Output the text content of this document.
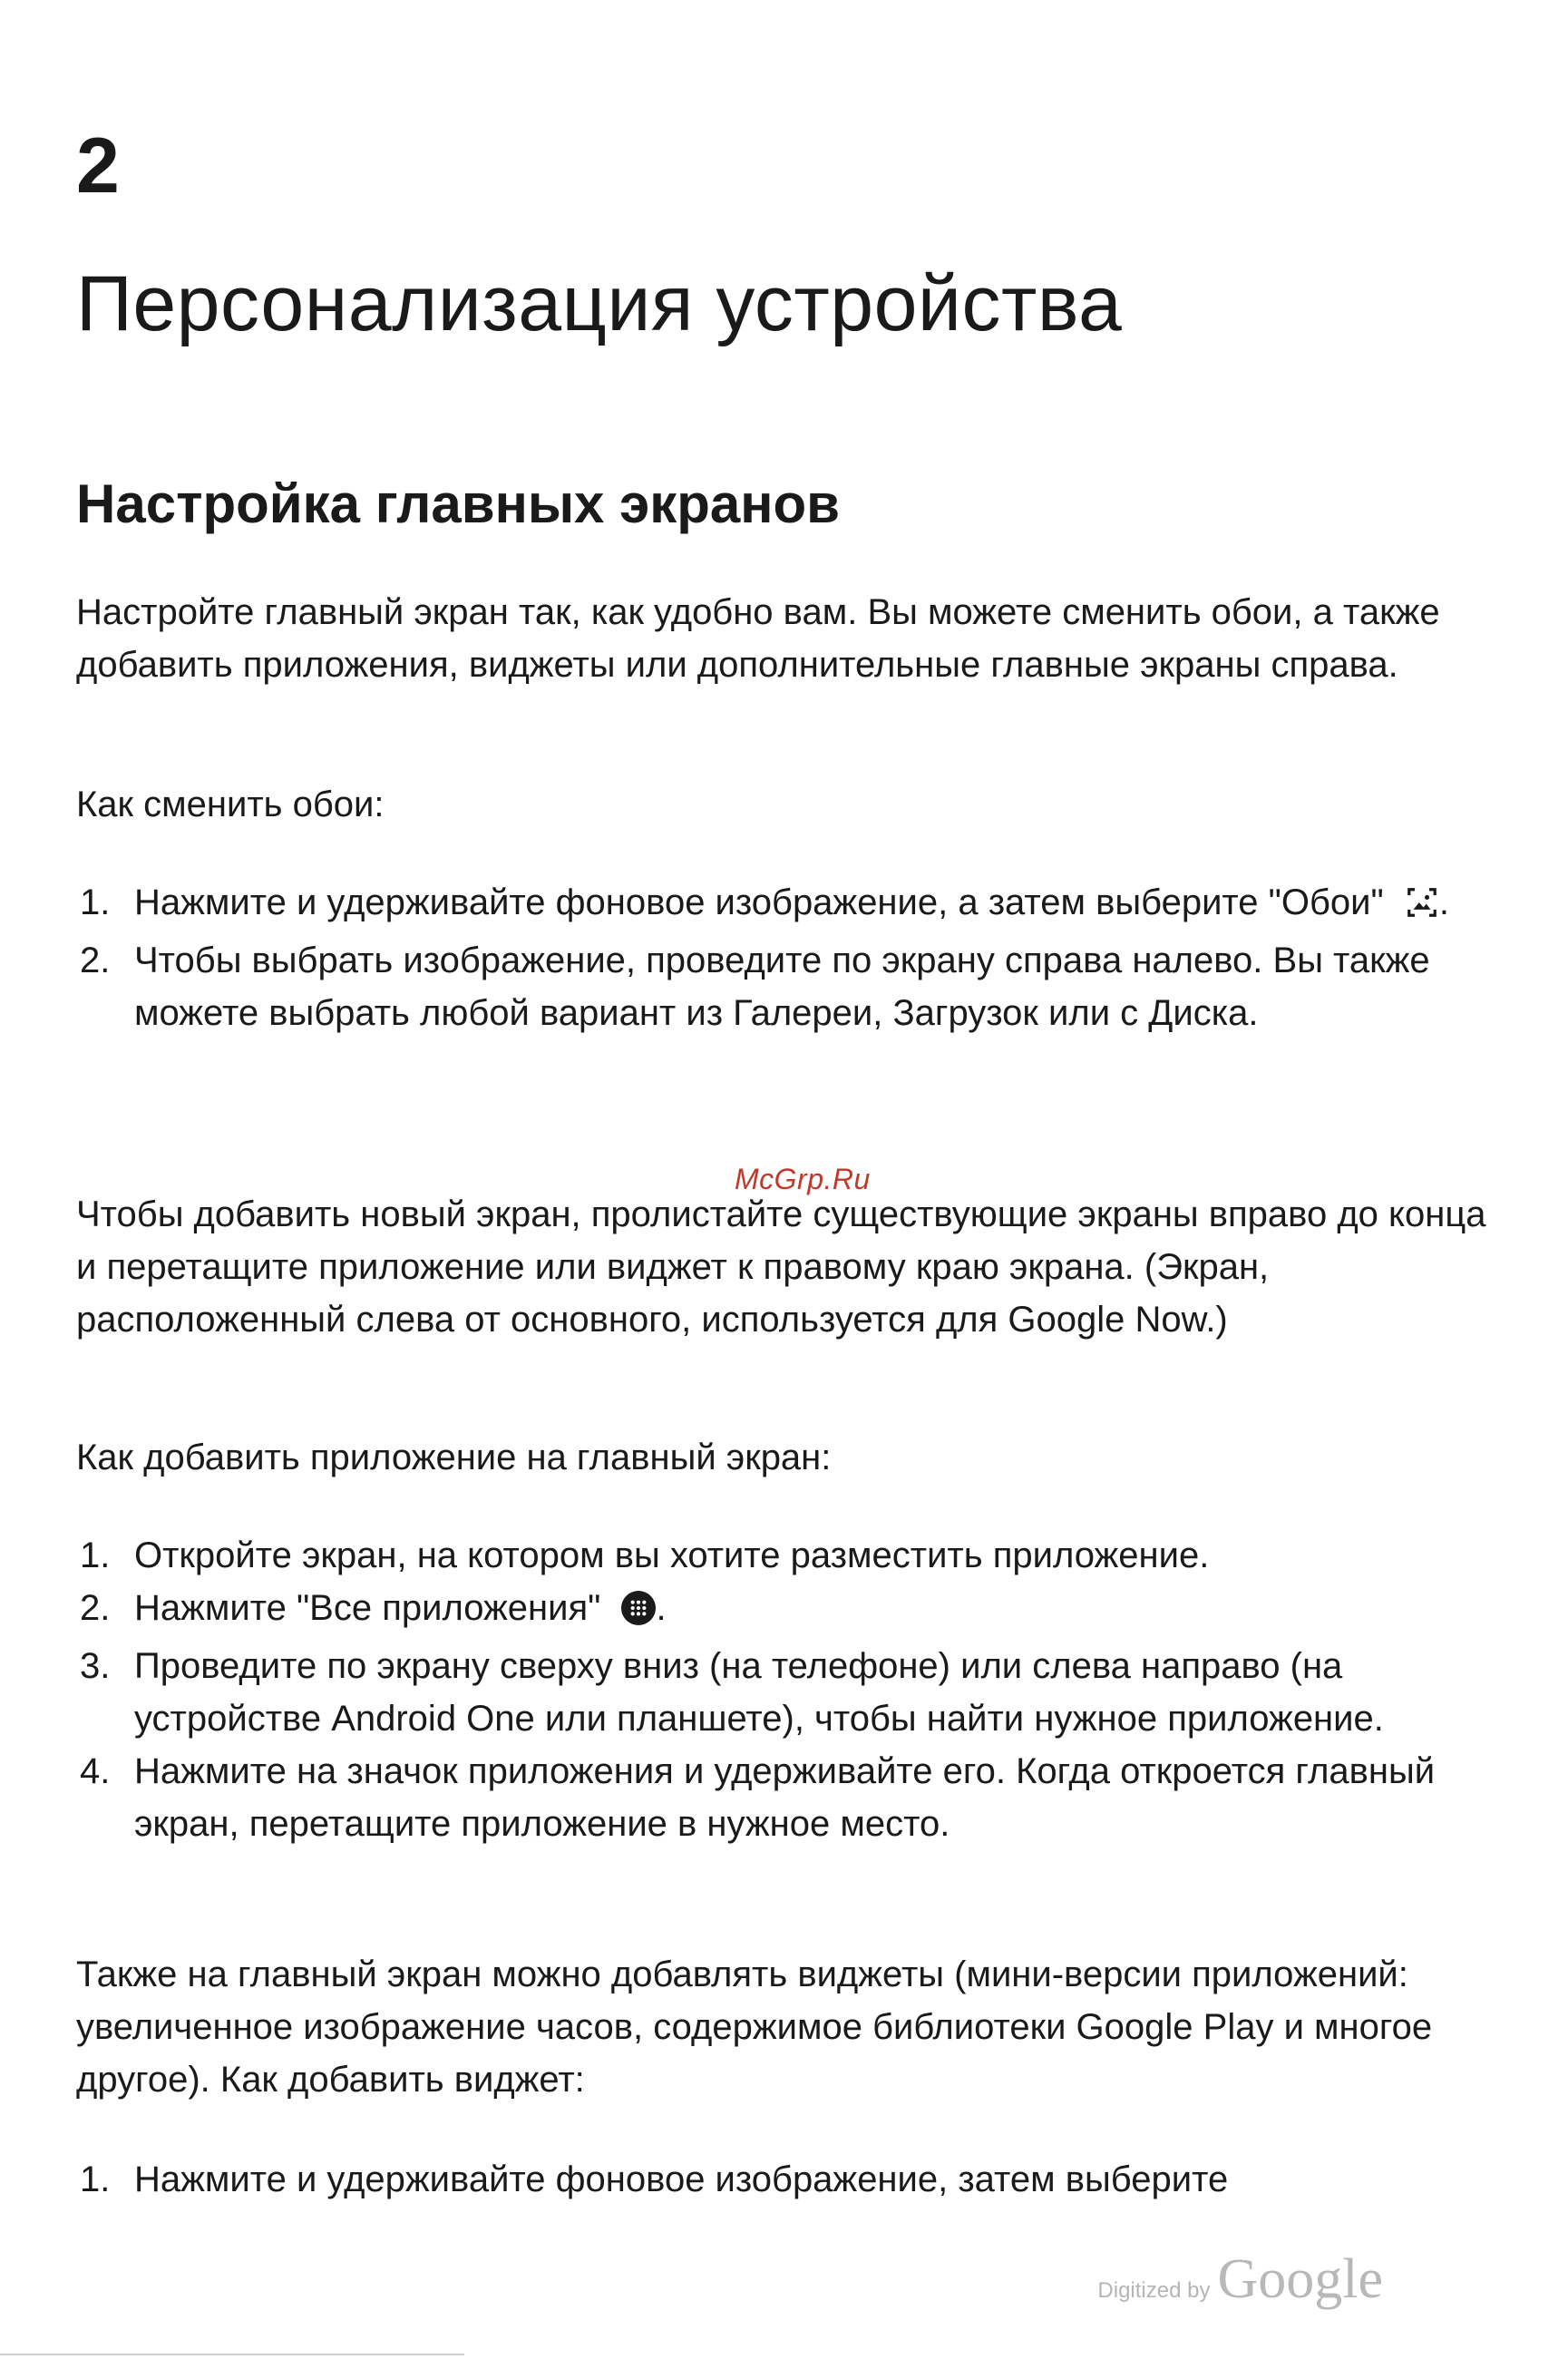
2
Персонализация устройства
Настройка главных экранов

Настройте главный экран так, как удобно вам. Вы можете сменить обои, а также добавить приложения, виджеты или дополнительные главные экраны справа.

Как сменить обои:

1. Нажмите и удерживайте фоновое изображение, а затем выберите "Обои" .
2. Чтобы выбрать изображение, проведите по экрану справа налево. Вы также можете выбрать любой вариант из Галереи, Загрузок или с Диска.

McGrp.Ru

Чтобы добавить новый экран, пролистайте существующие экраны вправо до конца и перетащите приложение или виджет к правому краю экрана. (Экран, расположенный слева от основного, используется для Google Now.)

Как добавить приложение на главный экран:

1. Откройте экран, на котором вы хотите разместить приложение.
2. Нажмите "Все приложения" .
3. Проведите по экрану сверху вниз (на телефоне) или слева направо (на устройстве Android One или планшете), чтобы найти нужное приложение.
4. Нажмите на значок приложения и удерживайте его. Когда откроется главный экран, перетащите приложение в нужное место.

Также на главный экран можно добавлять виджеты (мини-версии приложений: увеличенное изображение часов, содержимое библиотеки Google Play и многое другое). Как добавить виджет:

1. Нажмите и удерживайте фоновое изображение, затем выберите
Digitized by Google
